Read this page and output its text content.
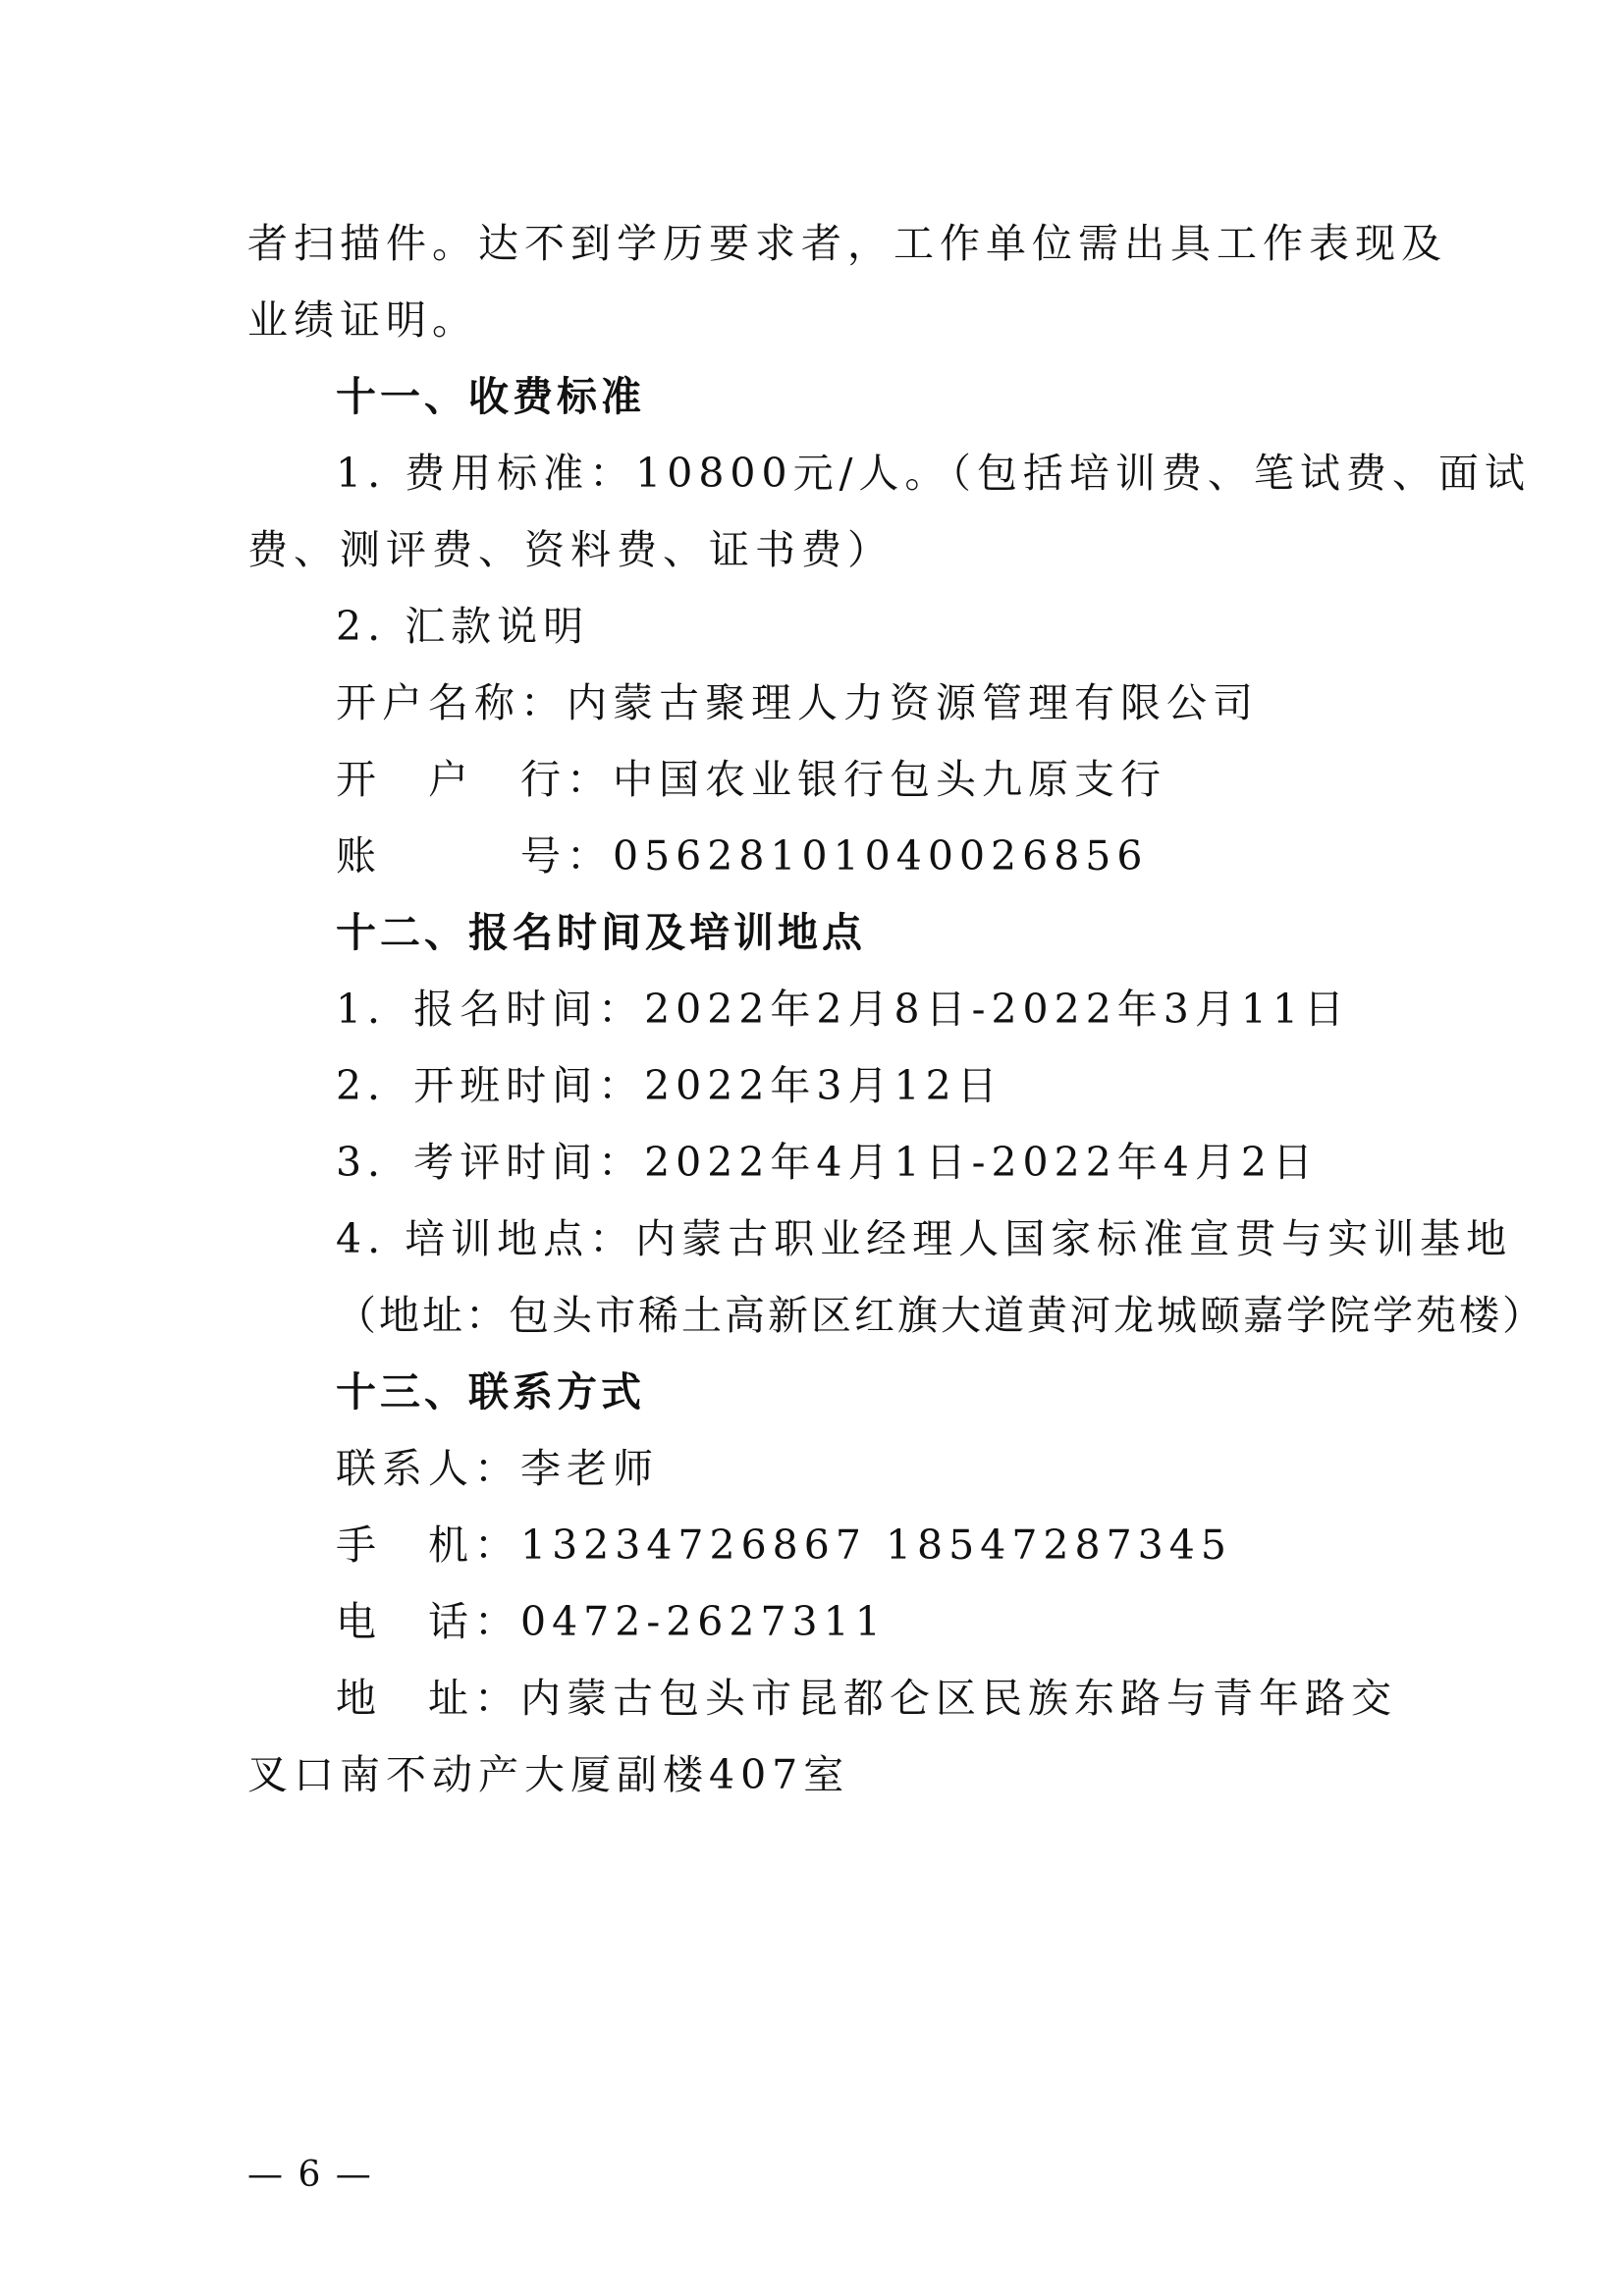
者扫描件。达不到学历要求者，工作单位需出具工作表现及
业绩证明。
十一、收费标准
1. 费用标准：10800元/人。（包括培训费、笔试费、面试
费、测评费、资料费、证书费）
2. 汇款说明
开户名称：内蒙古聚理人力资源管理有限公司
开　户　行：中国农业银行包头九原支行
账　　　号：05628101040026856
十二、报名时间及培训地点
1．报名时间：2022年2月8日-2022年3月11日
2．开班时间：2022年3月12日
3．考评时间：2022年4月1日-2022年4月2日
4. 培训地点：内蒙古职业经理人国家标准宣贯与实训基地
（地址：包头市稀土高新区红旗大道黄河龙城颐嘉学院学苑楼）
十三、联系方式
联系人：李老师
手　机：13234726867 18547287345
电　话：0472-2627311
地　址：内蒙古包头市昆都仑区民族东路与青年路交
叉口南不动产大厦副楼407室
— 6 —
